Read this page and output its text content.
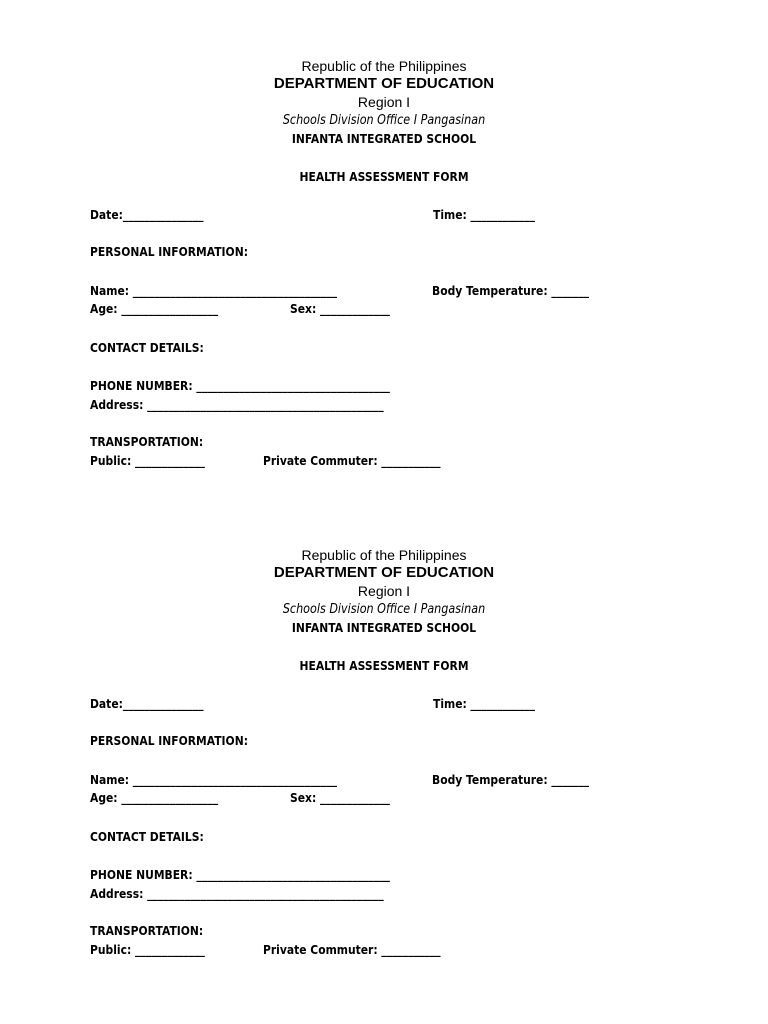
Republic of the Philippines
DEPARTMENT OF EDUCATION
Region I
Schools Division Office I Pangasinan
INFANTA INTEGRATED SCHOOL
HEALTH ASSESSMENT FORM
Date:_______________	Time: ____________
PERSONAL INFORMATION:
Name: ______________________________________	Body Temperature: _______
Age: __________________	Sex: _____________
CONTACT DETAILS:
PHONE NUMBER: ____________________________________
Address: ____________________________________________
TRANSPORTATION:
Public: _____________	Private Commuter: ___________
Republic of the Philippines
DEPARTMENT OF EDUCATION
Region I
Schools Division Office I Pangasinan
INFANTA INTEGRATED SCHOOL
HEALTH ASSESSMENT FORM
Date:_______________	Time: ____________
PERSONAL INFORMATION:
Name: ______________________________________	Body Temperature: _______
Age: __________________	Sex: _____________
CONTACT DETAILS:
PHONE NUMBER: ____________________________________
Address: ____________________________________________
TRANSPORTATION:
Public: _____________	Private Commuter: ___________
